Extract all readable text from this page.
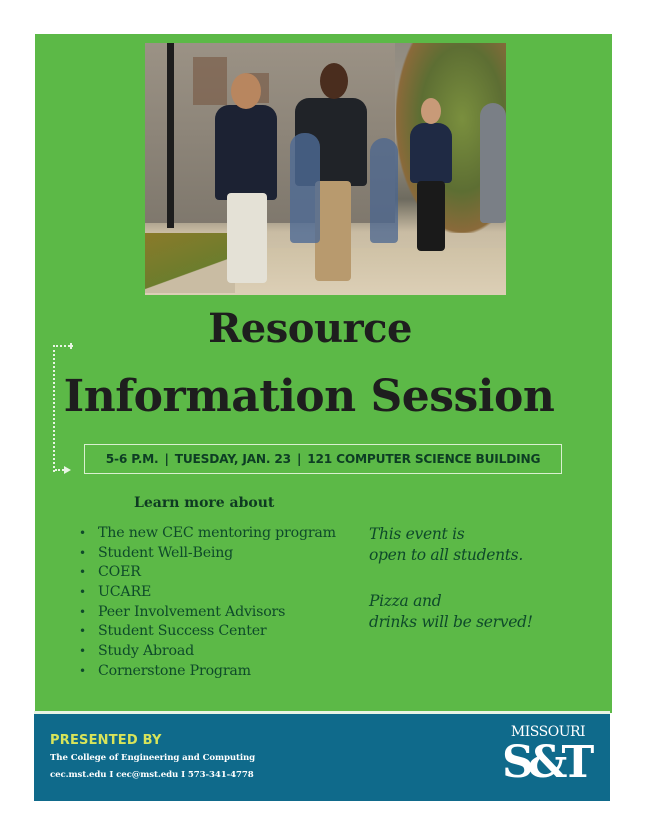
Resource
Information Session
5-6 P.M. | TUESDAY, JAN. 23 | 121 COMPUTER SCIENCE BUILDING
Learn more about
• The new CEC mentoring program
• Student Well-Being
• COER
• UCARE
• Peer Involvement Advisors
• Student Success Center
• Study Abroad
• Cornerstone Program
This event is
open to all students.
Pizza and
drinks will be served!
PRESENTED BY
The College of Engineering and Computing
cec.mst.edu I cec@mst.edu I 573-341-4778
MISSOURI
S&T
